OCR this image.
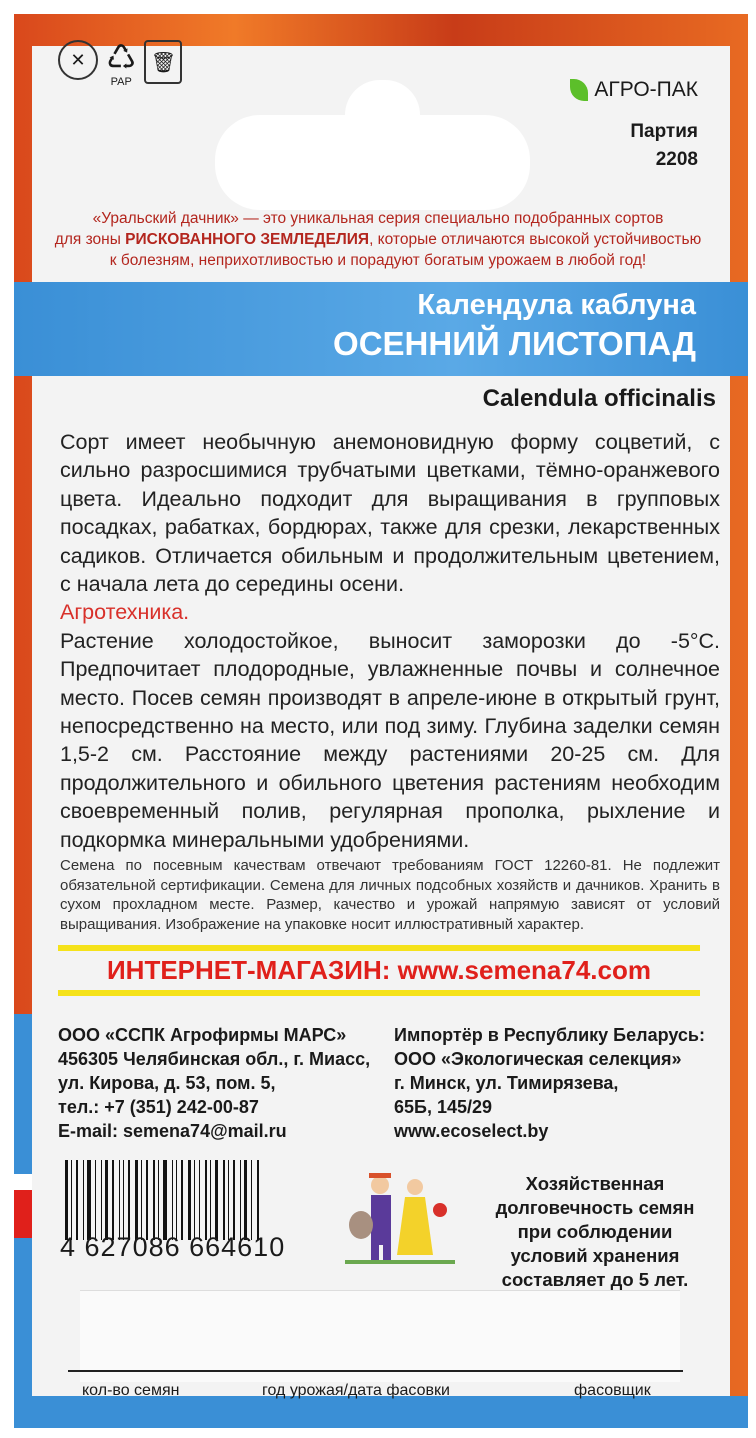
✕ ♺
PAP
🗑
АГРО-ПАК
Партия
2208
«Уральский дачник» — это уникальная серия специально подобранных сортов
для зоны РИСКОВАННОГО ЗЕМЛЕДЕЛИЯ, которые отличаются высокой устойчивостью
к болезням, неприхотливостью и порадуют богатым урожаем в любой год!
Календула каблуна
ОСЕННИЙ ЛИСТОПАД
Calendula officinalis

Сорт имеет необычную анемоновидную форму соцветий, с сильно разросшимися трубчатыми цветками, тёмно-оранжевого цвета. Идеально подходит для выращивания в групповых посадках, рабатках, бордюрах, также для срезки, лекарственных садиков. Отличается обильным и продолжительным цветением, с начала лета до середины осени.

Агротехника.

Растение холодостойкое, выносит заморозки до -5°С. Предпочитает плодородные, увлажненные почвы и солнечное место. Посев семян производят в апреле-июне в открытый грунт, непосредственно на место, или под зиму. Глубина заделки семян 1,5-2 см. Расстояние между растениями 20-25 см. Для продолжительного и обильного цветения растениям необходим своевременный полив, регулярная прополка, рыхление и подкормка минеральными удобрениями.

Семена по посевным качествам отвечают требованиям ГОСТ 12260-81. Не подлежит обязательной сертификации. Семена для личных подсобных хозяйств и дачников. Хранить в сухом прохладном месте. Размер, качество и урожай напрямую зависят от условий выращивания. Изображение на упаковке носит иллюстративный характер.
ИНТЕРНЕТ-МАГАЗИН: www.semena74.com
ООО «ССПК Агрофирмы МАРС»
456305 Челябинская обл., г. Миасс,
ул. Кирова, д. 53, пом. 5,
тел.: +7 (351) 242-00-87
E-mail: semena74@mail.ru
Импортёр в Республику Беларусь:
ООО «Экологическая селекция»
г. Минск, ул. Тимирязева,
65Б, 145/29
www.ecoselect.by
4 627086 664610
Хозяйственная
долговечность семян
при соблюдении
условий хранения
составляет до 5 лет.
кол-во семян	год урожая/дата фасовки	фасовщик
